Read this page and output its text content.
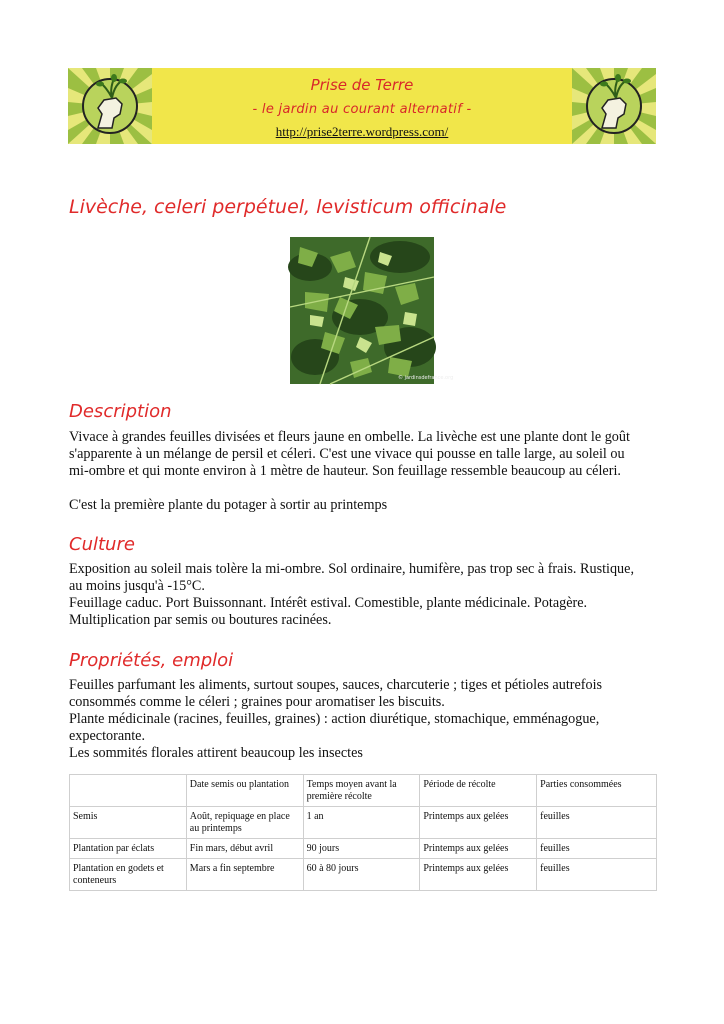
Prise de Terre
- le jardin au courant alternatif -
http://prise2terre.wordpress.com/
Livèche, celeri perpétuel, levisticum officinale
© jardinsdefrance.org
Description
Vivace à grandes feuilles divisées et fleurs jaune en ombelle. La livèche est une plante dont le goût
s'apparente à un mélange de persil et céleri. C'est une vivace qui pousse en talle large, au soleil ou
mi-ombre et qui monte environ à 1 mètre de hauteur. Son feuillage ressemble beaucoup au céleri.
C'est la première plante du potager à sortir au printemps
Culture
Exposition au soleil mais tolère la mi-ombre. Sol ordinaire, humifère, pas trop sec à frais. Rustique,
au moins jusqu'à -15°C.
Feuillage caduc. Port Buissonnant. Intérêt estival. Comestible, plante médicinale. Potagère.
Multiplication par semis ou boutures racinées.
Propriétés, emploi
Feuilles parfumant les aliments, surtout soupes, sauces, charcuterie ; tiges et pétioles autrefois
consommés comme le céleri ; graines pour aromatiser les biscuits.
Plante médicinale (racines, feuilles, graines) : action diurétique, stomachique, emménagogue,
expectorante.
Les sommités florales attirent beaucoup les insectes
	Date semis ou plantation	Temps moyen avant la première récolte	Période de récolte	Parties consommées
Semis	Août, repiquage en place au printemps	1 an	Printemps aux gelées	feuilles
Plantation par éclats	Fin mars, début avril	90 jours	Printemps aux gelées	feuilles
Plantation en godets et conteneurs	Mars a fin septembre	60 à 80 jours	Printemps aux gelées	feuilles
